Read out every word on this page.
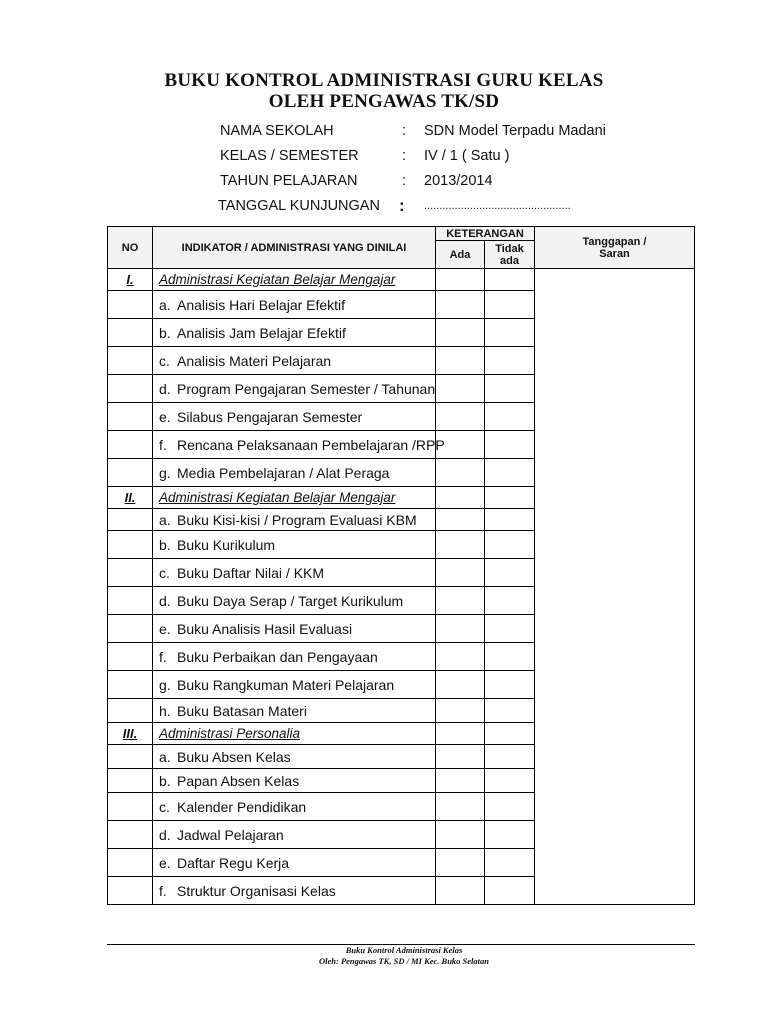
BUKU KONTROL ADMINISTRASI GURU KELAS
OLEH PENGAWAS TK/SD
NAMA SEKOLAH	: SDN Model Terpadu Madani
KELAS / SEMESTER	: IV / 1 ( Satu )
TAHUN PELAJARAN	: 2013/2014
TANGGAL KUNJUNGAN : ................................................
NO	INDIKATOR / ADMINISTRASI YANG DINILAI	KETERANGAN		Tanggapan /
Saran
		Ada	Tidak
ada	
I.	Administrasi Kegiatan Belajar Mengajar			
	a. Analisis Hari Belajar Efektif			
	b. Analisis Jam Belajar Efektif			
	c. Analisis Materi Pelajaran			
	d. Program Pengajaran Semester / Tahunan			
	e. Silabus Pengajaran Semester			
	f. Rencana Pelaksanaan Pembelajaran /RPP			
	g. Media Pembelajaran / Alat Peraga			
II.	Administrasi Kegiatan Belajar Mengajar			
	a. Buku Kisi-kisi / Program Evaluasi KBM			
	b. Buku Kurikulum			
	c. Buku Daftar Nilai / KKM			
	d. Buku Daya Serap / Target Kurikulum			
	e. Buku Analisis Hasil Evaluasi			
	f. Buku Perbaikan dan Pengayaan			
	g. Buku Rangkuman Materi Pelajaran			
	h. Buku Batasan Materi			
III.	Administrasi Personalia			
	a. Buku Absen Kelas			
	b. Papan Absen Kelas			
	c. Kalender Pendidikan			
	d. Jadwal Pelajaran			
	e. Daftar Regu Kerja			
	f. Struktur Organisasi Kelas			
Buku Kontrol Administrasi Kelas
Oleh: Pengawas TK, SD / MI Kec. Buko Selatan
